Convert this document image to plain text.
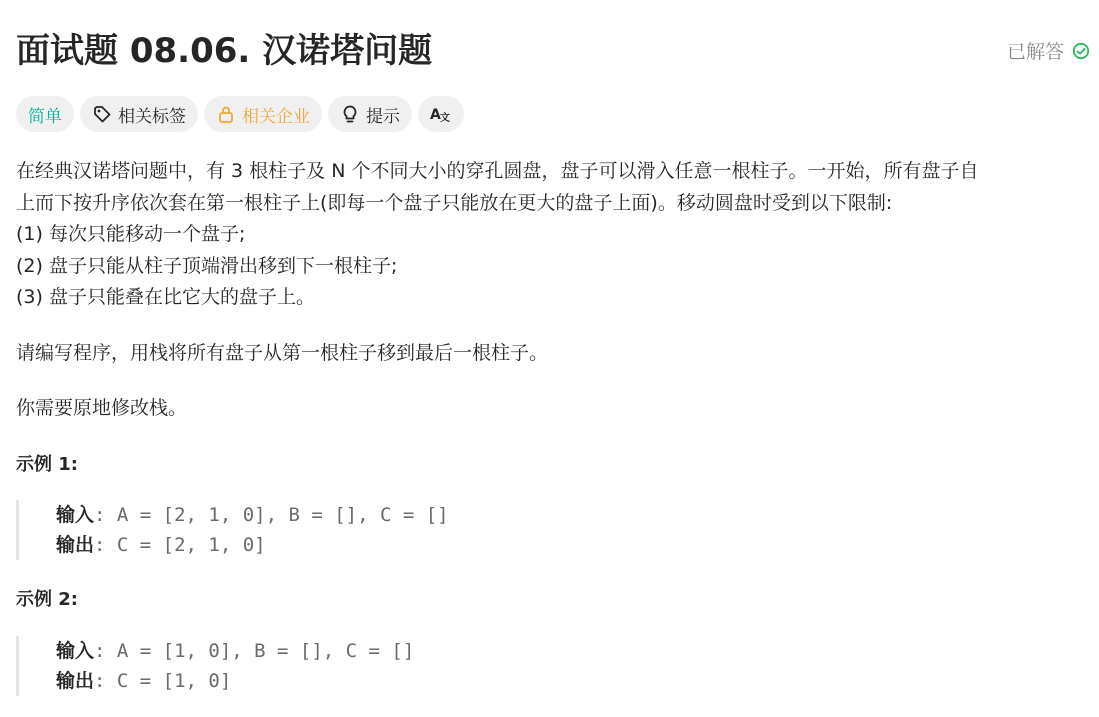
面试题 08.06. 汉诺塔问题	已解答
简单	相关标签	相关企业	提示 A 文

在经典汉诺塔问题中，有 3 根柱子及 N 个不同大小的穿孔圆盘，盘子可以滑入任意一根柱子。一开始，所有盘子自

上而下按升序依次套在第一根柱子上(即每一个盘子只能放在更大的盘子上面)。移动圆盘时受到以下限制:

(1) 每次只能移动一个盘子;

(2) 盘子只能从柱子顶端滑出移到下一根柱子;

(3) 盘子只能叠在比它大的盘子上。

请编写程序，用栈将所有盘子从第一根柱子移到最后一根柱子。

你需要原地修改栈。

示例 1:

输入: A = [2, 1, 0], B = [], C = []
输出: C = [2, 1, 0]

示例 2:

输入: A = [1, 0], B = [], C = []
输出: C = [1, 0]
